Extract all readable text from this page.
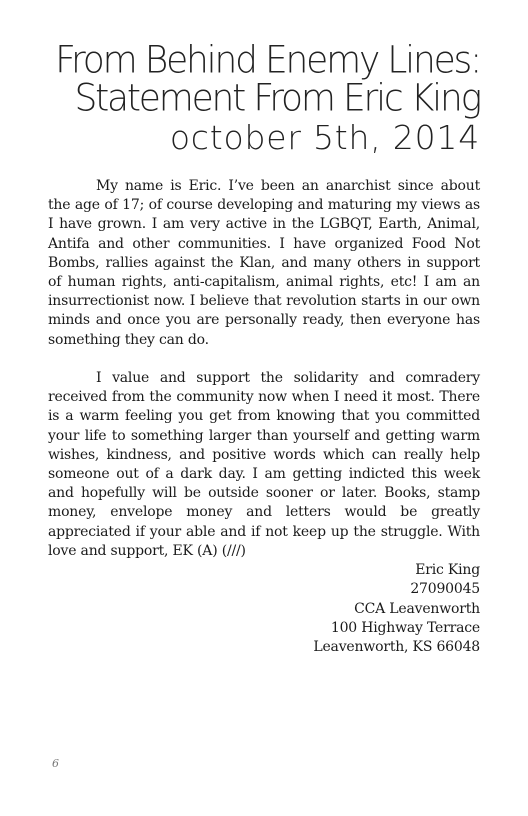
From Behind Enemy Lines:
Statement From Eric King
october 5th, 2014

My name is Eric. I’ve been an anarchist since about the age of 17; of course developing and maturing my views as I have grown. I am very active in the LGBQT, Earth, Animal, Antifa and other communities. I have organized Food Not Bombs, rallies against the Klan, and many others in support of human rights, anti-capitalism, animal rights, etc! I am an insurrectionist now. I believe that revolution starts in our own minds and once you are personally ready, then everyone has something they can do.

I value and support the solidarity and comradery received from the community now when I need it most. There is a warm feeling you get from knowing that you committed your life to something larger than yourself and getting warm wishes, kindness, and positive words which can really help someone out of a dark day. I am getting indicted this week and hopefully will be outside sooner or later. Books, stamp money, envelope money and letters would be greatly appreciated if your able and if not keep up the struggle. With love and support, EK (A) (///)

Eric King
27090045
CCA Leavenworth
100 Highway Terrace
Leavenworth, KS 66048
6
